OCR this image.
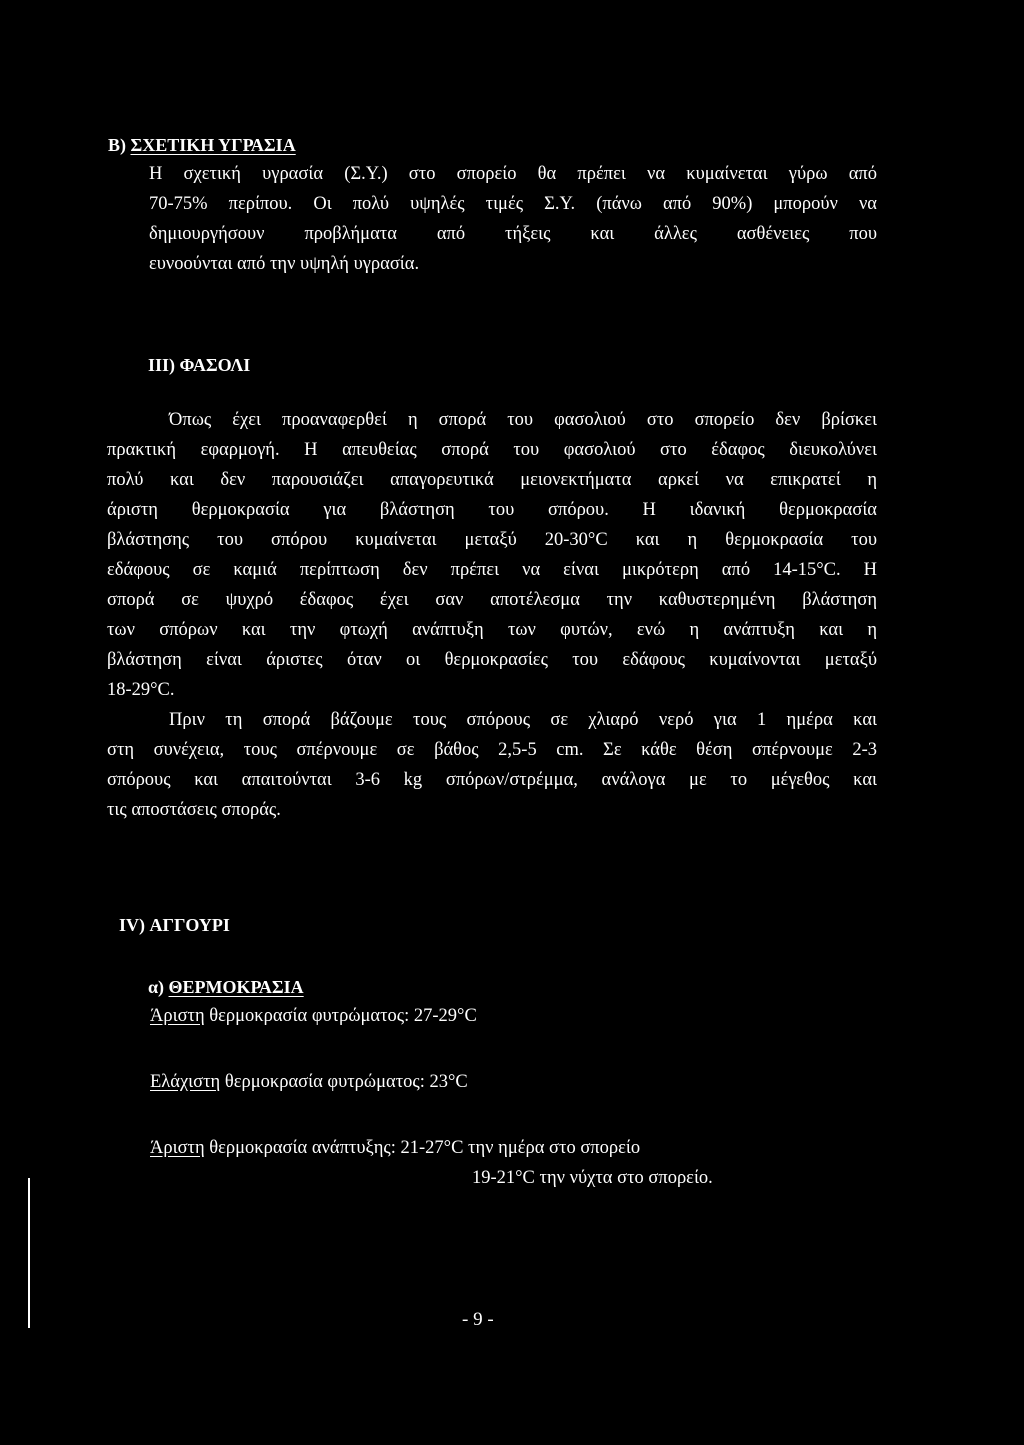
Β) ΣΧΕΤΙΚΗ ΥΓΡΑΣΙΑ
Η σχετική υγρασία (Σ.Υ.) στο σπορείο θα πρέπει να κυμαίνεται γύρω από
70-75% περίπου. Οι πολύ υψηλές τιμές Σ.Υ. (πάνω από 90%) μπορούν να
δημιουργήσουν προβλήματα από τήξεις και άλλες ασθένειες που
ευνοούνται από την υψηλή υγρασία.
ΙΙΙ) ΦΑΣΟΛΙ
Όπως έχει προαναφερθεί η σπορά του φασολιού στο σπορείο δεν βρίσκει
πρακτική εφαρμογή. Η απευθείας σπορά του φασολιού στο έδαφος διευκολύνει
πολύ και δεν παρουσιάζει απαγορευτικά μειονεκτήματα αρκεί να επικρατεί η
άριστη θερμοκρασία για βλάστηση του σπόρου. Η ιδανική θερμοκρασία
βλάστησης του σπόρου κυμαίνεται μεταξύ 20-30°C και η θερμοκρασία του
εδάφους σε καμιά περίπτωση δεν πρέπει να είναι μικρότερη από 14-15°C. Η
σπορά σε ψυχρό έδαφος έχει σαν αποτέλεσμα την καθυστερημένη βλάστηση
των σπόρων και την φτωχή ανάπτυξη των φυτών, ενώ η ανάπτυξη και η
βλάστηση είναι άριστες όταν οι θερμοκρασίες του εδάφους κυμαίνονται μεταξύ
18-29°C.
Πριν τη σπορά βάζουμε τους σπόρους σε χλιαρό νερό για 1 ημέρα και
στη συνέχεια, τους σπέρνουμε σε βάθος 2,5-5 cm. Σε κάθε θέση σπέρνουμε 2-3
σπόρους και απαιτούνται 3-6 kg σπόρων/στρέμμα, ανάλογα με το μέγεθος και
τις αποστάσεις σποράς.
ΙV) ΑΓΓΟΥΡΙ
α) ΘΕΡΜΟΚΡΑΣΙΑ
Άριστη θερμοκρασία φυτρώματος: 27-29°C
Ελάχιστη θερμοκρασία φυτρώματος: 23°C
Άριστη θερμοκρασία ανάπτυξης: 21-27°C την ημέρα στο σπορείο
19-21°C την νύχτα στο σπορείο.
- 9 -
